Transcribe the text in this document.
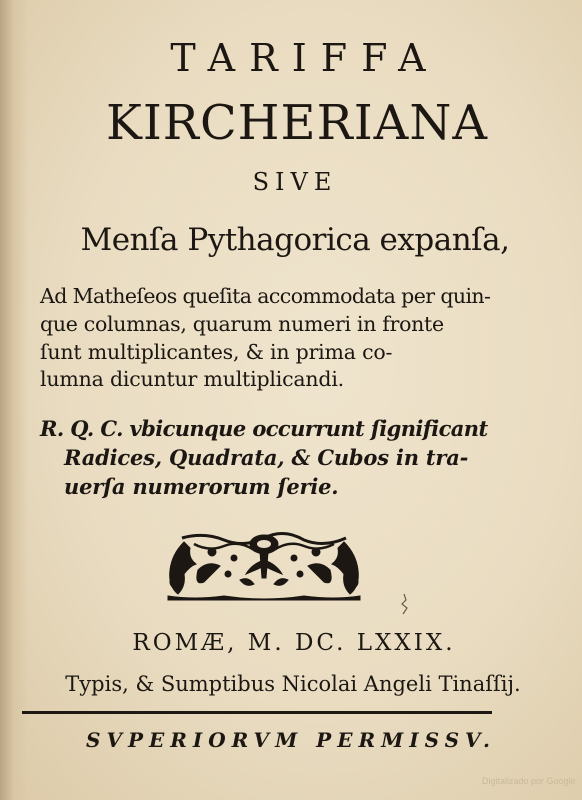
TARIFFA
KIRCHERIANA
SIVE
Menſa Pythagorica expanſa,
Ad Matheſeos queſita accommodata per quin-
que columnas, quarum numeri in fronte
ſunt multiplicantes, & in prima co-
lumna dicuntur multiplicandi.
R. Q. C. vbicunque occurrunt ſignificant
Radices, Quadrata, & Cubos in tra-
uerſa numerorum ſerie.
ROMÆ, M. DC. LXXIX.
Typis, & Sumptibus Nicolai Angeli Tinaſſij.
SVPERIORVM PERMISSV.
Digitalizado por Google
